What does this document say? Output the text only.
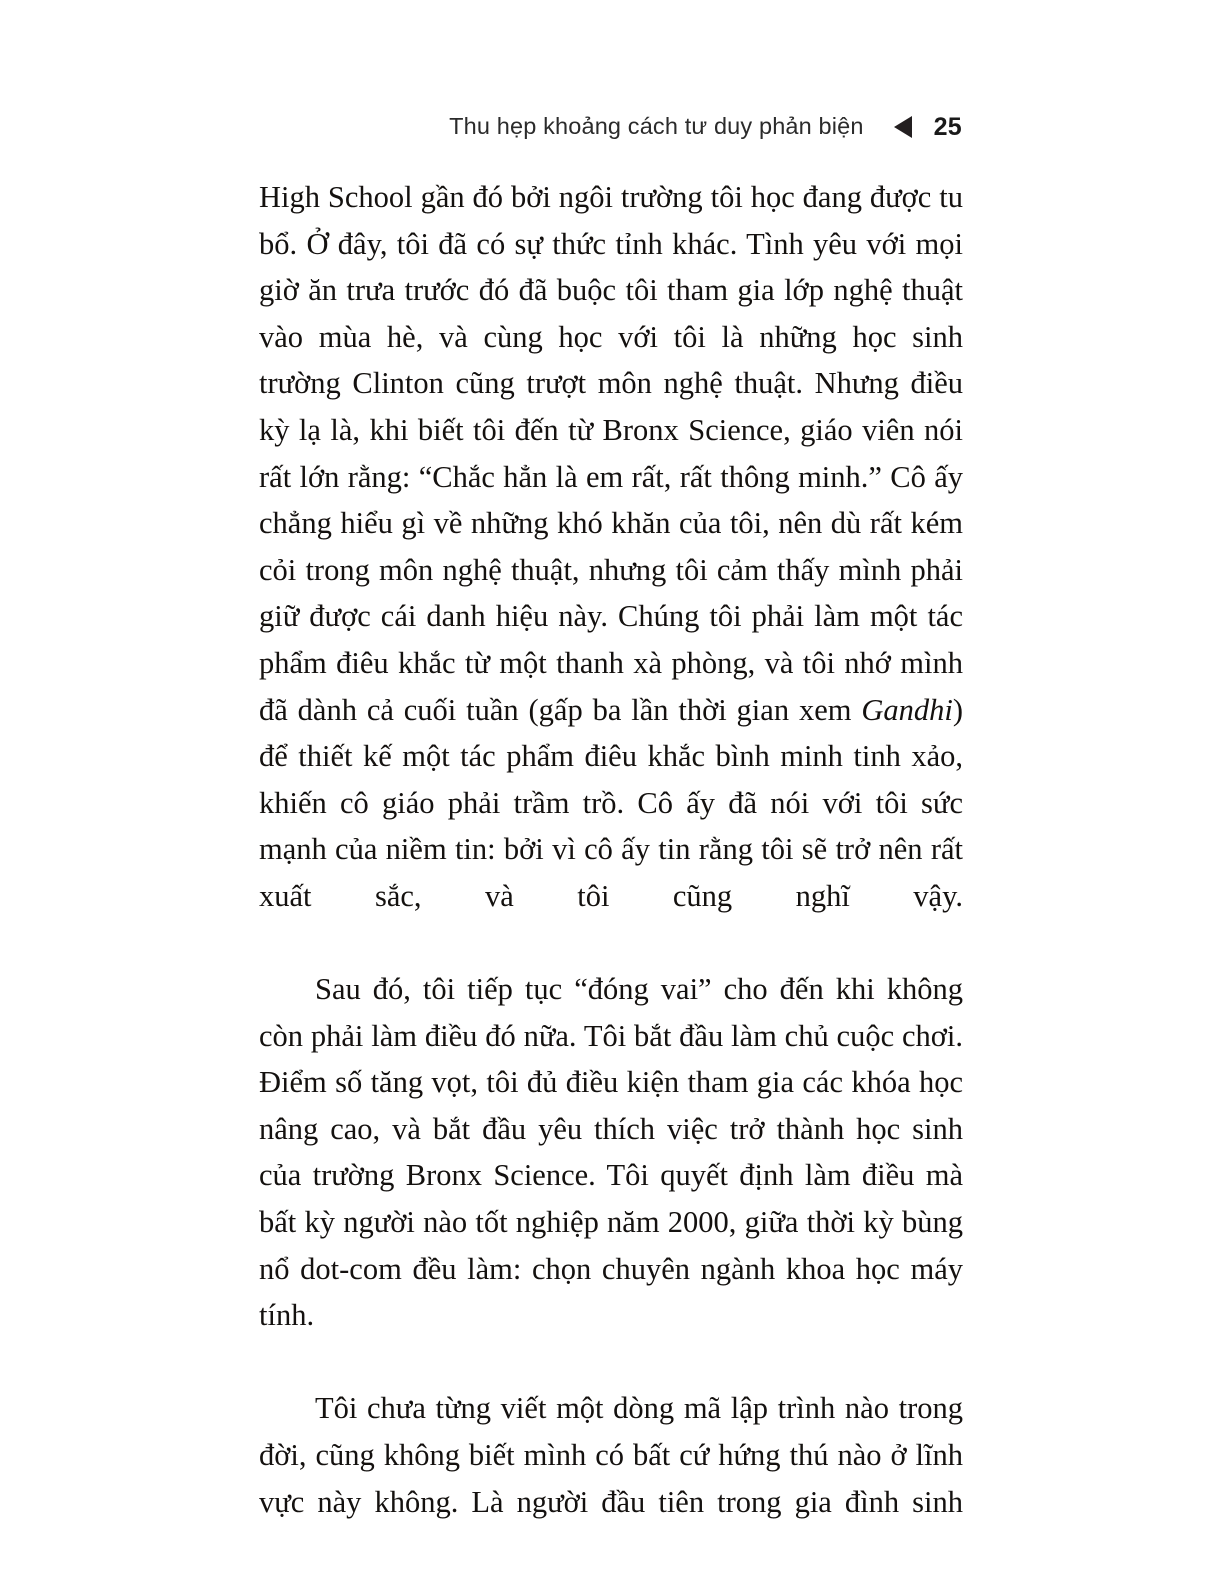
Thu hẹp khoảng cách tư duy phản biện	25

High School gần đó bởi ngôi trường tôi học đang được tu bổ. Ở đây, tôi đã có sự thức tỉnh khác. Tình yêu với mọi giờ ăn trưa trước đó đã buộc tôi tham gia lớp nghệ thuật vào mùa hè, và cùng học với tôi là những học sinh trường Clinton cũng trượt môn nghệ thuật. Nhưng điều kỳ lạ là, khi biết tôi đến từ Bronx Science, giáo viên nói rất lớn rằng: “Chắc hẳn là em rất, rất thông minh.” Cô ấy chẳng hiểu gì về những khó khăn của tôi, nên dù rất kém cỏi trong môn nghệ thuật, nhưng tôi cảm thấy mình phải giữ được cái danh hiệu này. Chúng tôi phải làm một tác phẩm điêu khắc từ một thanh xà phòng, và tôi nhớ mình đã dành cả cuối tuần (gấp ba lần thời gian xem Gandhi) để thiết kế một tác phẩm điêu khắc bình minh tinh xảo, khiến cô giáo phải trầm trồ. Cô ấy đã nói với tôi sức mạnh của niềm tin: bởi vì cô ấy tin rằng tôi sẽ trở nên rất xuất sắc, và tôi cũng nghĩ vậy.

Sau đó, tôi tiếp tục “đóng vai” cho đến khi không còn phải làm điều đó nữa. Tôi bắt đầu làm chủ cuộc chơi. Điểm số tăng vọt, tôi đủ điều kiện tham gia các khóa học nâng cao, và bắt đầu yêu thích việc trở thành học sinh của trường Bronx Science. Tôi quyết định làm điều mà bất kỳ người nào tốt nghiệp năm 2000, giữa thời kỳ bùng nổ dot-com đều làm: chọn chuyên ngành khoa học máy tính.

Tôi chưa từng viết một dòng mã lập trình nào trong đời, cũng không biết mình có bất cứ hứng thú nào ở lĩnh vực này không. Là người đầu tiên trong gia đình sinh
